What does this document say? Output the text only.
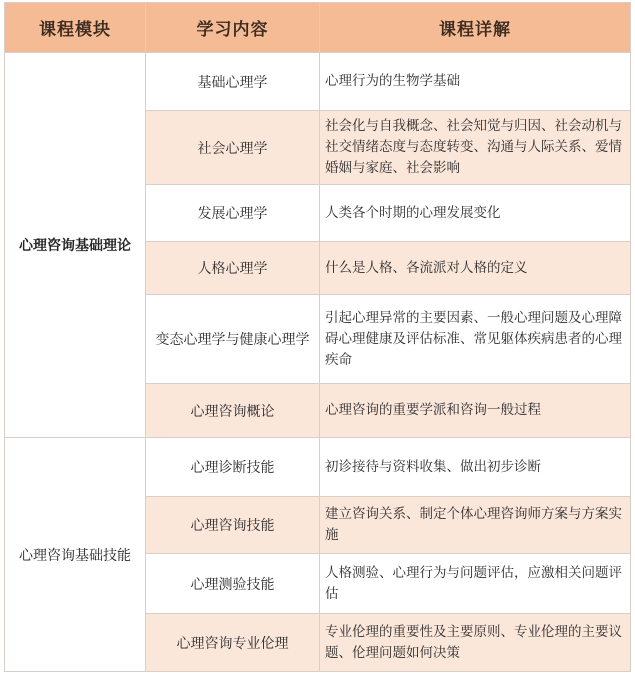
课程模块	学习内容	课程详解
心理咨询基础理论	基础心理学	心理行为的生物学基础
	社会心理学	社会化与自我概念、社会知觉与归因、社会动机与社交情绪态度与态度转变、沟通与人际关系、爱情婚姻与家庭、社会影响
	发展心理学	人类各个时期的心理发展变化
	人格心理学	什么是人格、各流派对人格的定义
	变态心理学与健康心理学	引起心理异常的主要因素、一般心理问题及心理障碍心理健康及评估标准、常见躯体疾病患者的心理疾命
	心理咨询概论	心理咨询的重要学派和咨询一般过程
心理咨询基础技能	心理诊断技能	初诊接待与资料收集、做出初步诊断
	心理咨询技能	建立咨询关系、制定个体心理咨询师方案与方案实施
	心理测验技能	人格测验、心理行为与问题评估，应激相关问题评估
	心理咨询专业伦理	专业伦理的重要性及主要原则、专业伦理的主要议题、伦理问题如何决策
